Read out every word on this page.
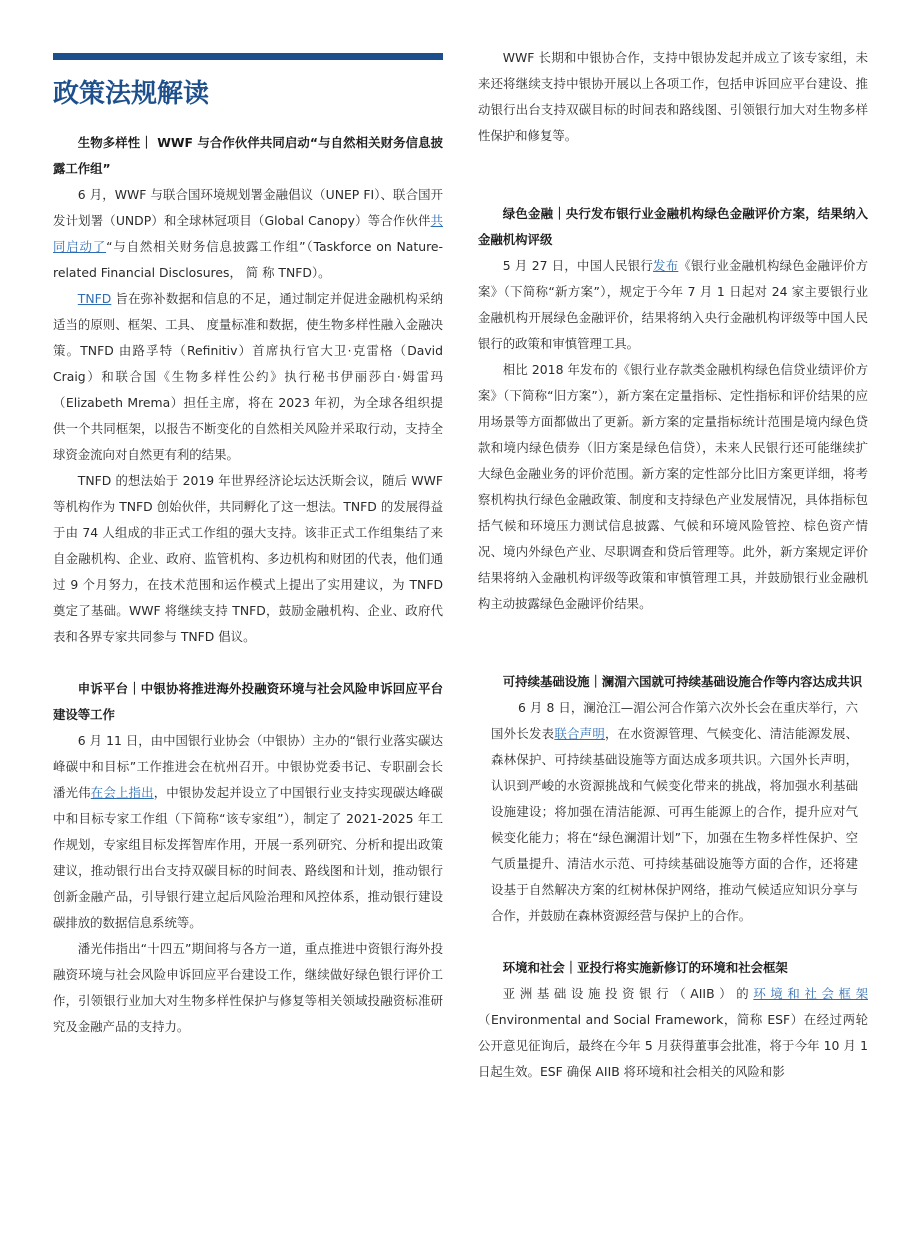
政策法规解读

生物多样性｜ WWF 与合作伙伴共同启动“与自然相关财务信息披露工作组”

6 月，WWF 与联合国环境规划署金融倡议（UNEP FI）、联合国开发计划署（UNDP）和全球林冠项目（Global Canopy）等合作伙伴共同启动了“与自然相关财务信息披露工作组”（Taskforce on Nature-related Financial Disclosures， 简 称 TNFD）。

TNFD 旨在弥补数据和信息的不足，通过制定并促进金融机构采纳适当的原则、框架、工具、 度量标准和数据，使生物多样性融入金融决策。TNFD 由路孚特（Refinitiv）首席执行官大卫·克雷格（David Craig）和联合国《生物多样性公约》执行秘书伊丽莎白·姆雷玛（Elizabeth Mrema）担任主席，将在 2023 年初，为全球各组织提供一个共同框架，以报告不断变化的自然相关风险并采取行动，支持全球资金流向对自然更有利的结果。

TNFD 的想法始于 2019 年世界经济论坛达沃斯会议，随后 WWF 等机构作为 TNFD 创始伙伴，共同孵化了这一想法。TNFD 的发展得益于由 74 人组成的非正式工作组的强大支持。该非正式工作组集结了来自金融机构、企业、政府、监管机构、多边机构和财团的代表，他们通过 9 个月努力，在技术范围和运作模式上提出了实用建议，为 TNFD 奠定了基础。WWF 将继续支持 TNFD，鼓励金融机构、企业、政府代表和各界专家共同参与 TNFD 倡议。

申诉平台｜中银协将推进海外投融资环境与社会风险申诉回应平台建设等工作

6 月 11 日，由中国银行业协会（中银协）主办的“银行业落实碳达峰碳中和目标”工作推进会在杭州召开。中银协党委书记、专职副会长潘光伟在会上指出，中银协发起并设立了中国银行业支持实现碳达峰碳中和目标专家工作组（下简称“该专家组”），制定了 2021-2025 年工作规划，专家组目标发挥智库作用，开展一系列研究、分析和提出政策建议，推动银行出台支持双碳目标的时间表、路线图和计划，推动银行创新金融产品，引导银行建立起后风险治理和风控体系，推动银行建设碳排放的数据信息系统等。

潘光伟指出“十四五”期间将与各方一道，重点推进中资银行海外投融资环境与社会风险申诉回应平台建设工作，继续做好绿色银行评价工作，引领银行业加大对生物多样性保护与修复等相关领域投融资标准研究及金融产品的支持力。

WWF 长期和中银协合作，支持中银协发起并成立了该专家组，未来还将继续支持中银协开展以上各项工作，包括申诉回应平台建设、推动银行出台支持双碳目标的时间表和路线图、引领银行加大对生物多样性保护和修复等。

绿色金融｜央行发布银行业金融机构绿色金融评价方案，结果纳入金融机构评级

5 月 27 日，中国人民银行发布《银行业金融机构绿色金融评价方案》（下简称“新方案”），规定于今年 7 月 1 日起对 24 家主要银行业金融机构开展绿色金融评价，结果将纳入央行金融机构评级等中国人民银行的政策和审慎管理工具。

相比 2018 年发布的《银行业存款类金融机构绿色信贷业绩评价方案》（下简称“旧方案”），新方案在定量指标、定性指标和评价结果的应用场景等方面都做出了更新。新方案的定量指标统计范围是境内绿色贷款和境内绿色债券（旧方案是绿色信贷），未来人民银行还可能继续扩大绿色金融业务的评价范围。新方案的定性部分比旧方案更详细，将考察机构执行绿色金融政策、制度和支持绿色产业发展情况，具体指标包括气候和环境压力测试信息披露、气候和环境风险管控、棕色资产情况、境内外绿色产业、尽职调查和贷后管理等。此外，新方案规定评价结果将纳入金融机构评级等政策和审慎管理工具，并鼓励银行业金融机构主动披露绿色金融评价结果。

可持续基础设施｜澜湄六国就可持续基础设施合作等内容达成共识

6 月 8 日，澜沧江—湄公河合作第六次外长会在重庆举行，六国外长发表联合声明，在水资源管理、气候变化、清洁能源发展、森林保护、可持续基础设施等方面达成多项共识。六国外长声明，认识到严峻的水资源挑战和气候变化带来的挑战，将加强水利基础设施建设；将加强在清洁能源、可再生能源上的合作，提升应对气候变化能力；将在“绿色澜湄计划”下，加强在生物多样性保护、空气质量提升、清洁水示范、可持续基础设施等方面的合作，还将建设基于自然解决方案的红树林保护网络，推动气候适应知识分享与合作，并鼓励在森林资源经营与保护上的合作。

环境和社会｜亚投行将实施新修订的环境和社会框架

亚洲基础设施投资银行（AIIB）的环境和社会框架（Environmental and Social Framework，简称 ESF）在经过两轮公开意见征询后，最终在今年 5 月获得董事会批准，将于今年 10 月 1 日起生效。ESF 确保 AIIB 将环境和社会相关的风险和影
